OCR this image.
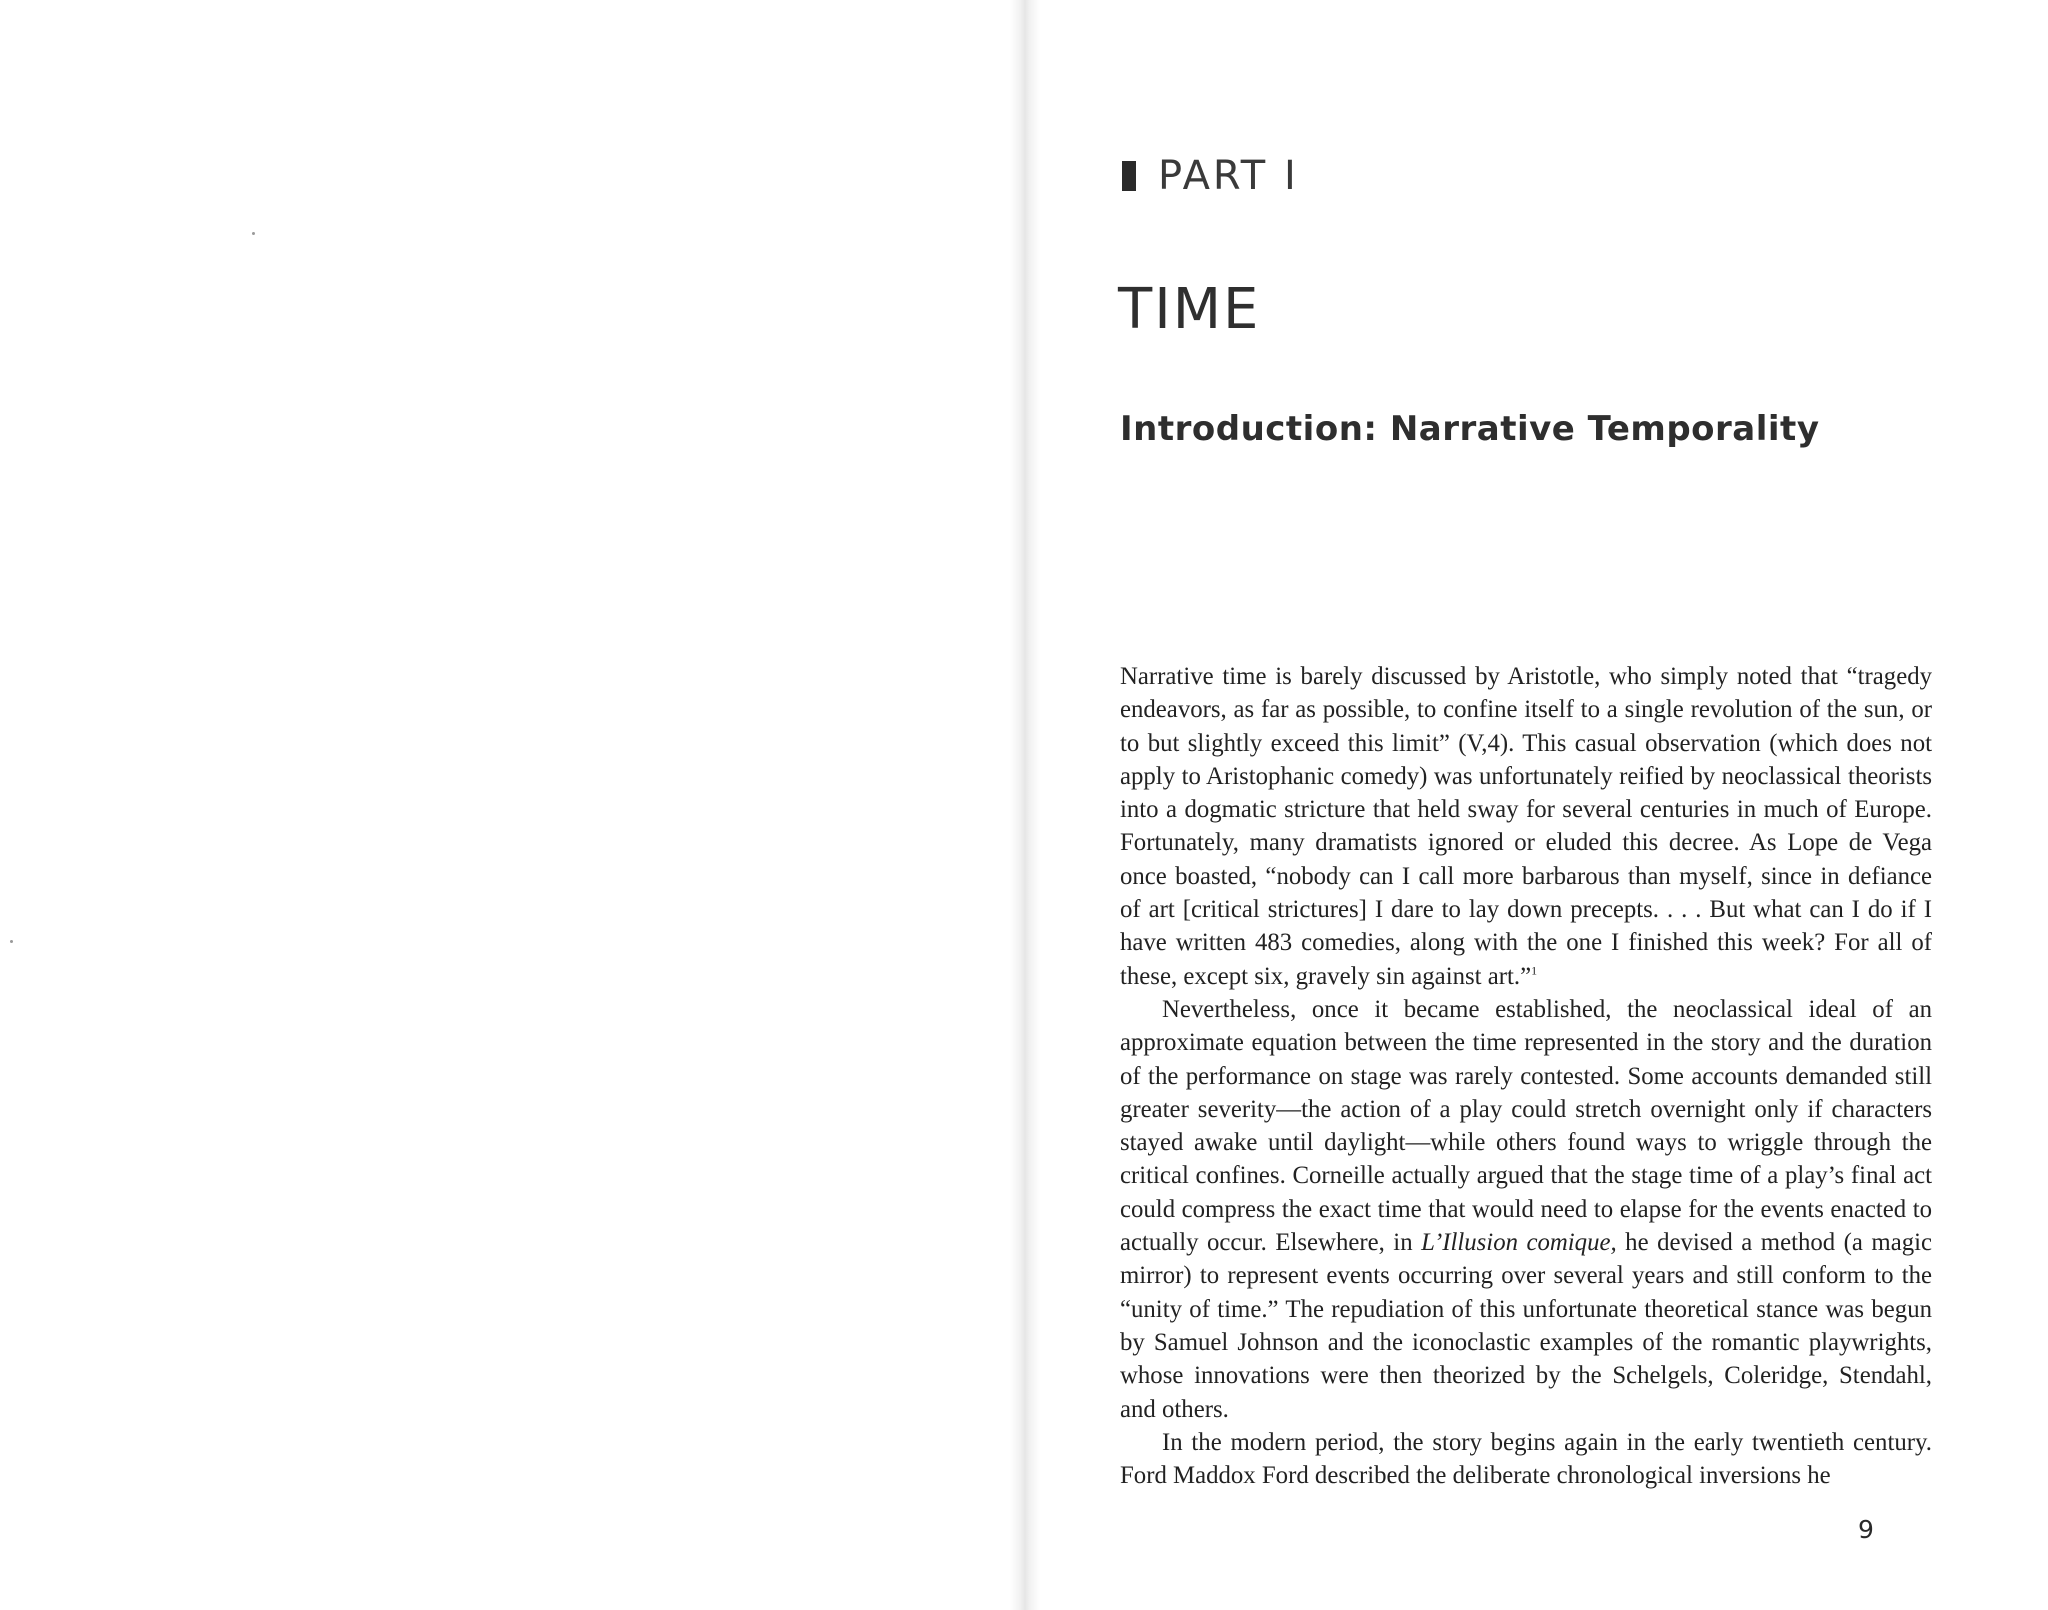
PART I
TIME
Introduction: Narrative Temporality

Narrative time is barely discussed by Aristotle, who simply noted that “tragedy endeavors, as far as possible, to confine itself to a single revolution of the sun, or to but slightly exceed this limit” (V,4). This casual observation (which does not apply to Aristophanic comedy) was unfortunately reified by neoclassical theorists into a dogmatic stricture that held sway for several centuries in much of Europe. Fortunately, many dramatists ignored or eluded this decree. As Lope de Vega once boasted, “nobody can I call more barbarous than myself, since in defiance of art [critical strictures] I dare to lay down precepts. . . . But what can I do if I have written 483 comedies, along with the one I finished this week? For all of these, except six, gravely sin against art.”$^1$

Nevertheless, once it became established, the neoclassical ideal of an approximate equation between the time represented in the story and the duration of the performance on stage was rarely contested. Some accounts demanded still greater severity—the action of a play could stretch overnight only if characters stayed awake until daylight—while others found ways to wriggle through the critical confines. Corneille actually argued that the stage time of a play’s final act could compress the exact time that would need to elapse for the events enacted to actually occur. Elsewhere, in L’Illusion comique, he devised a method (a magic mirror) to represent events occurring over several years and still conform to the “unity of time.” The repudiation of this unfortunate theoretical stance was begun by Samuel Johnson and the iconoclastic examples of the romantic playwrights, whose innovations were then theorized by the Schelgels, Coleridge, Stendahl, and others.

In the modern period, the story begins again in the early twentieth century. Ford Maddox Ford described the deliberate chronological inversions he

9
